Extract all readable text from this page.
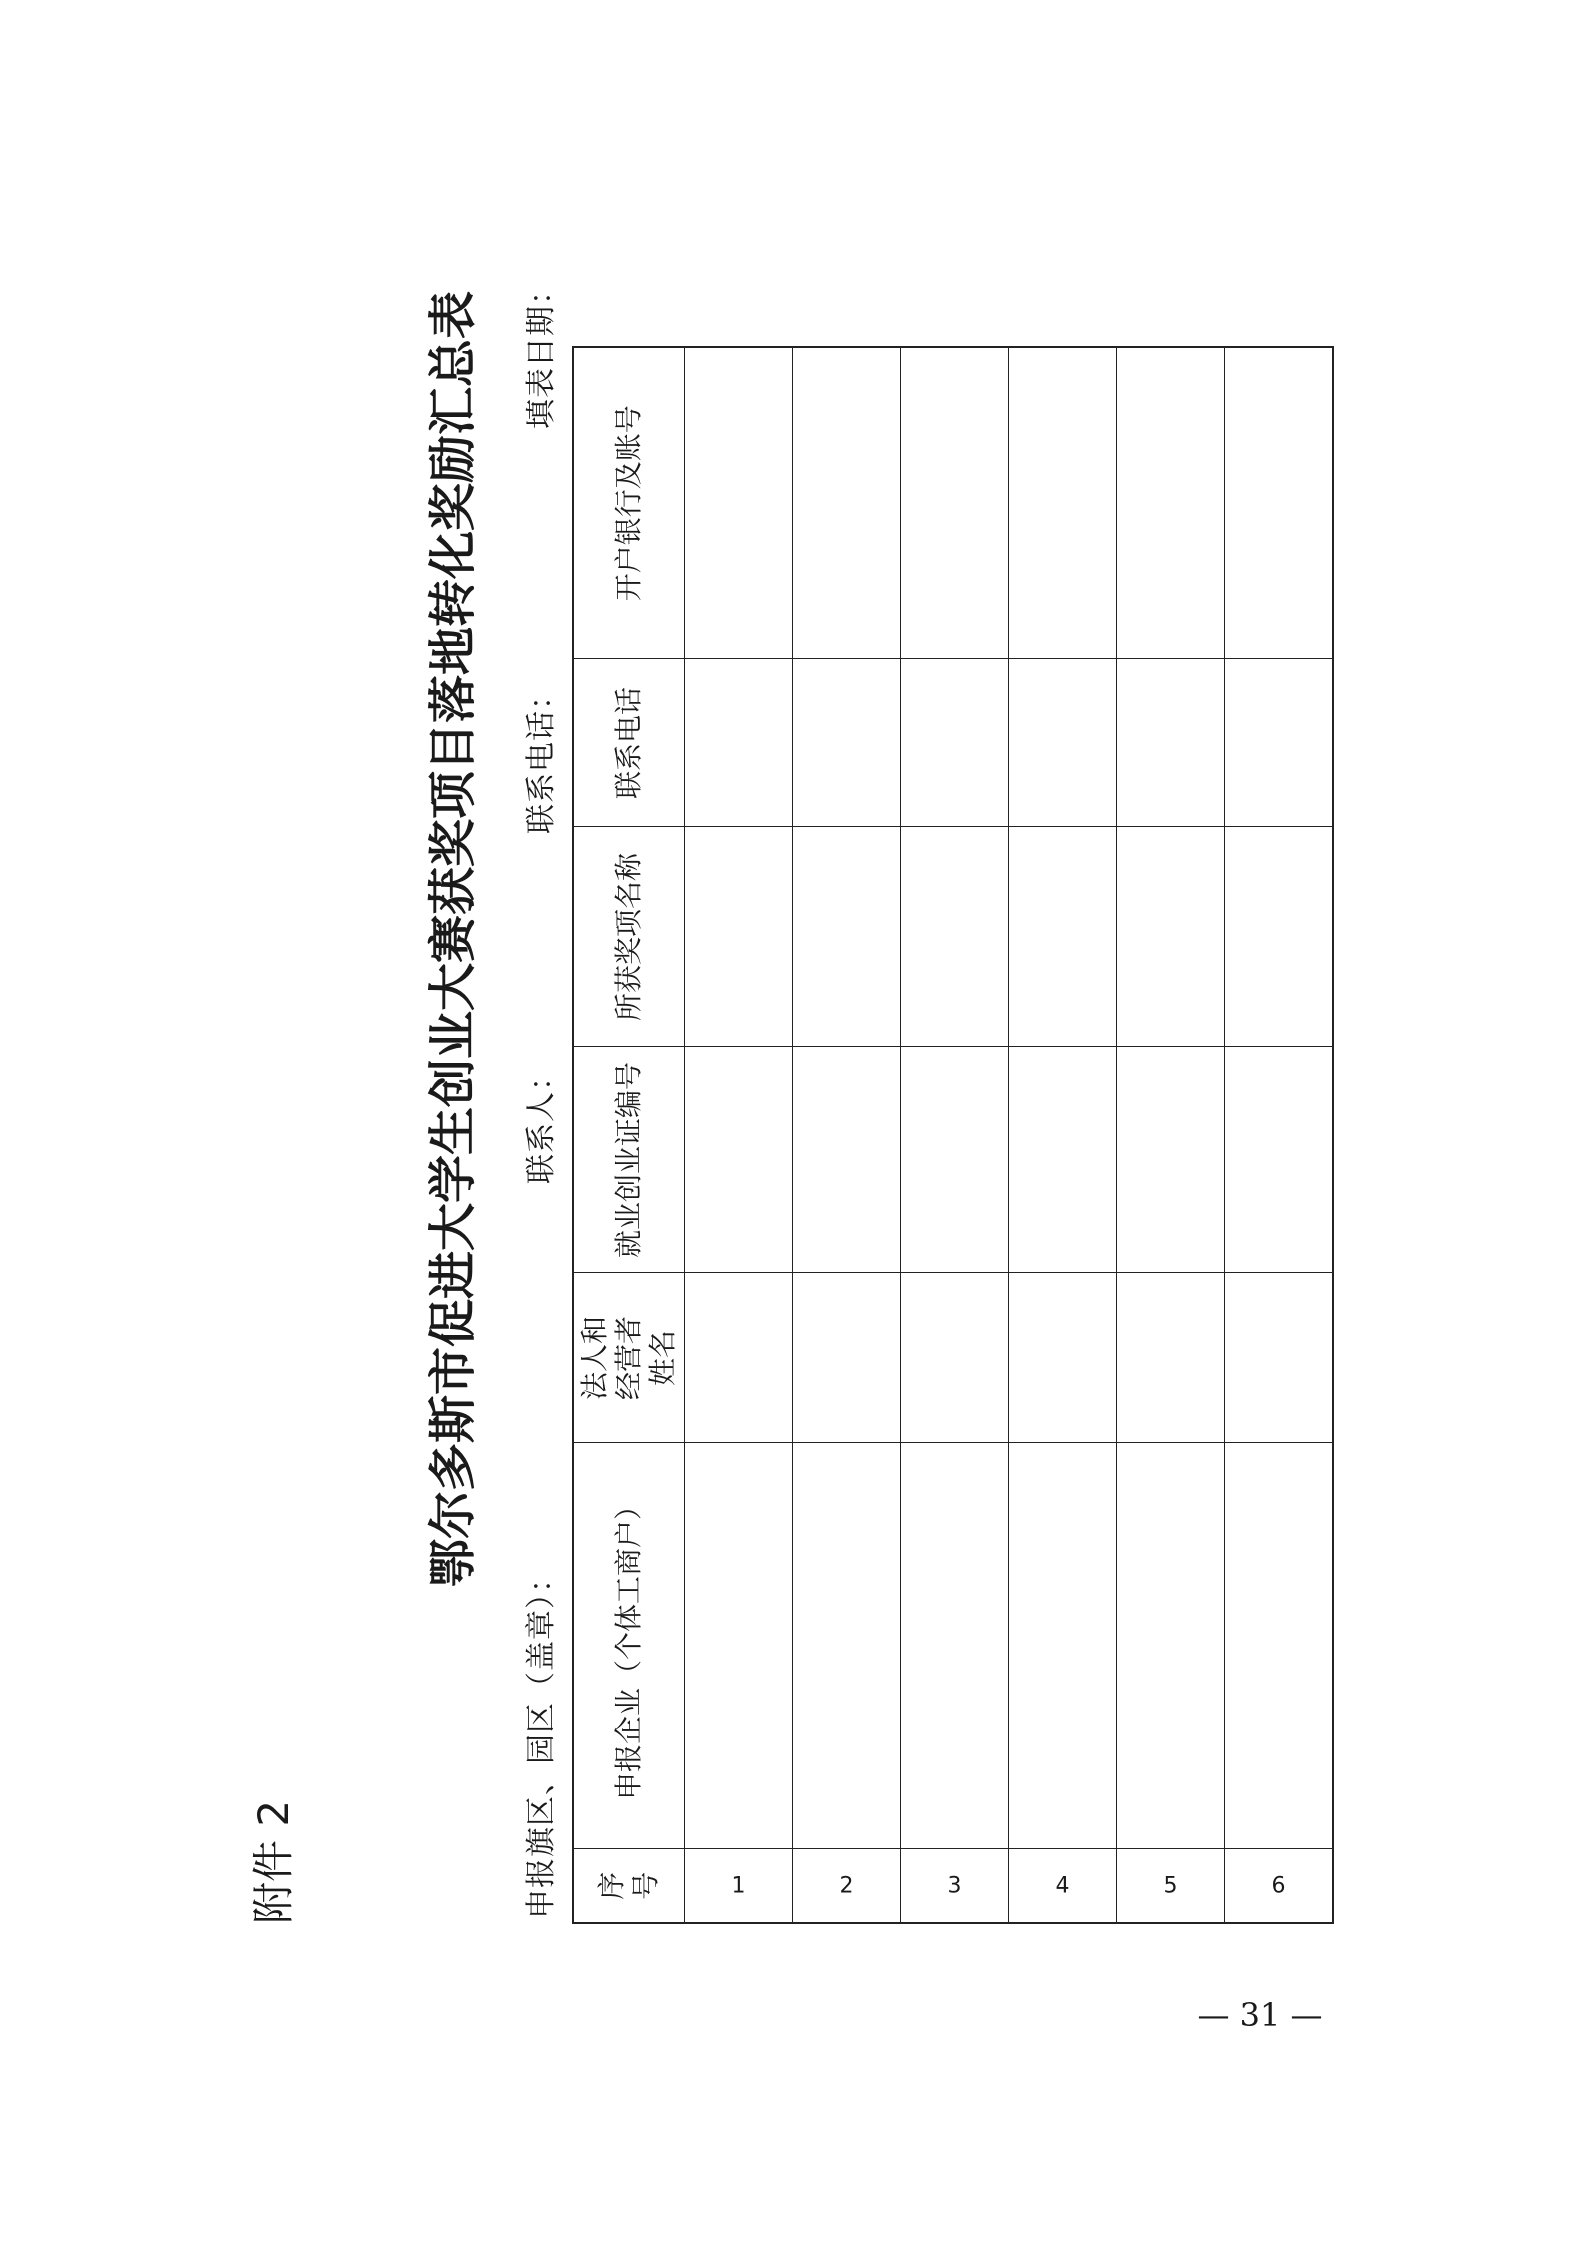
附件 2
鄂尔多斯市促进大学生创业大赛获奖项目落地转化奖励汇总表
申报旗区、园区（盖章）：
联系人：
联系电话：
填表日期：
序号	申报企业（个体工商户）	法人和经营者姓名	就业创业证编号	所获奖项名称	联系电话	开户银行及账号
1						
2						
3						
4						
5						
6						
— 31 —
